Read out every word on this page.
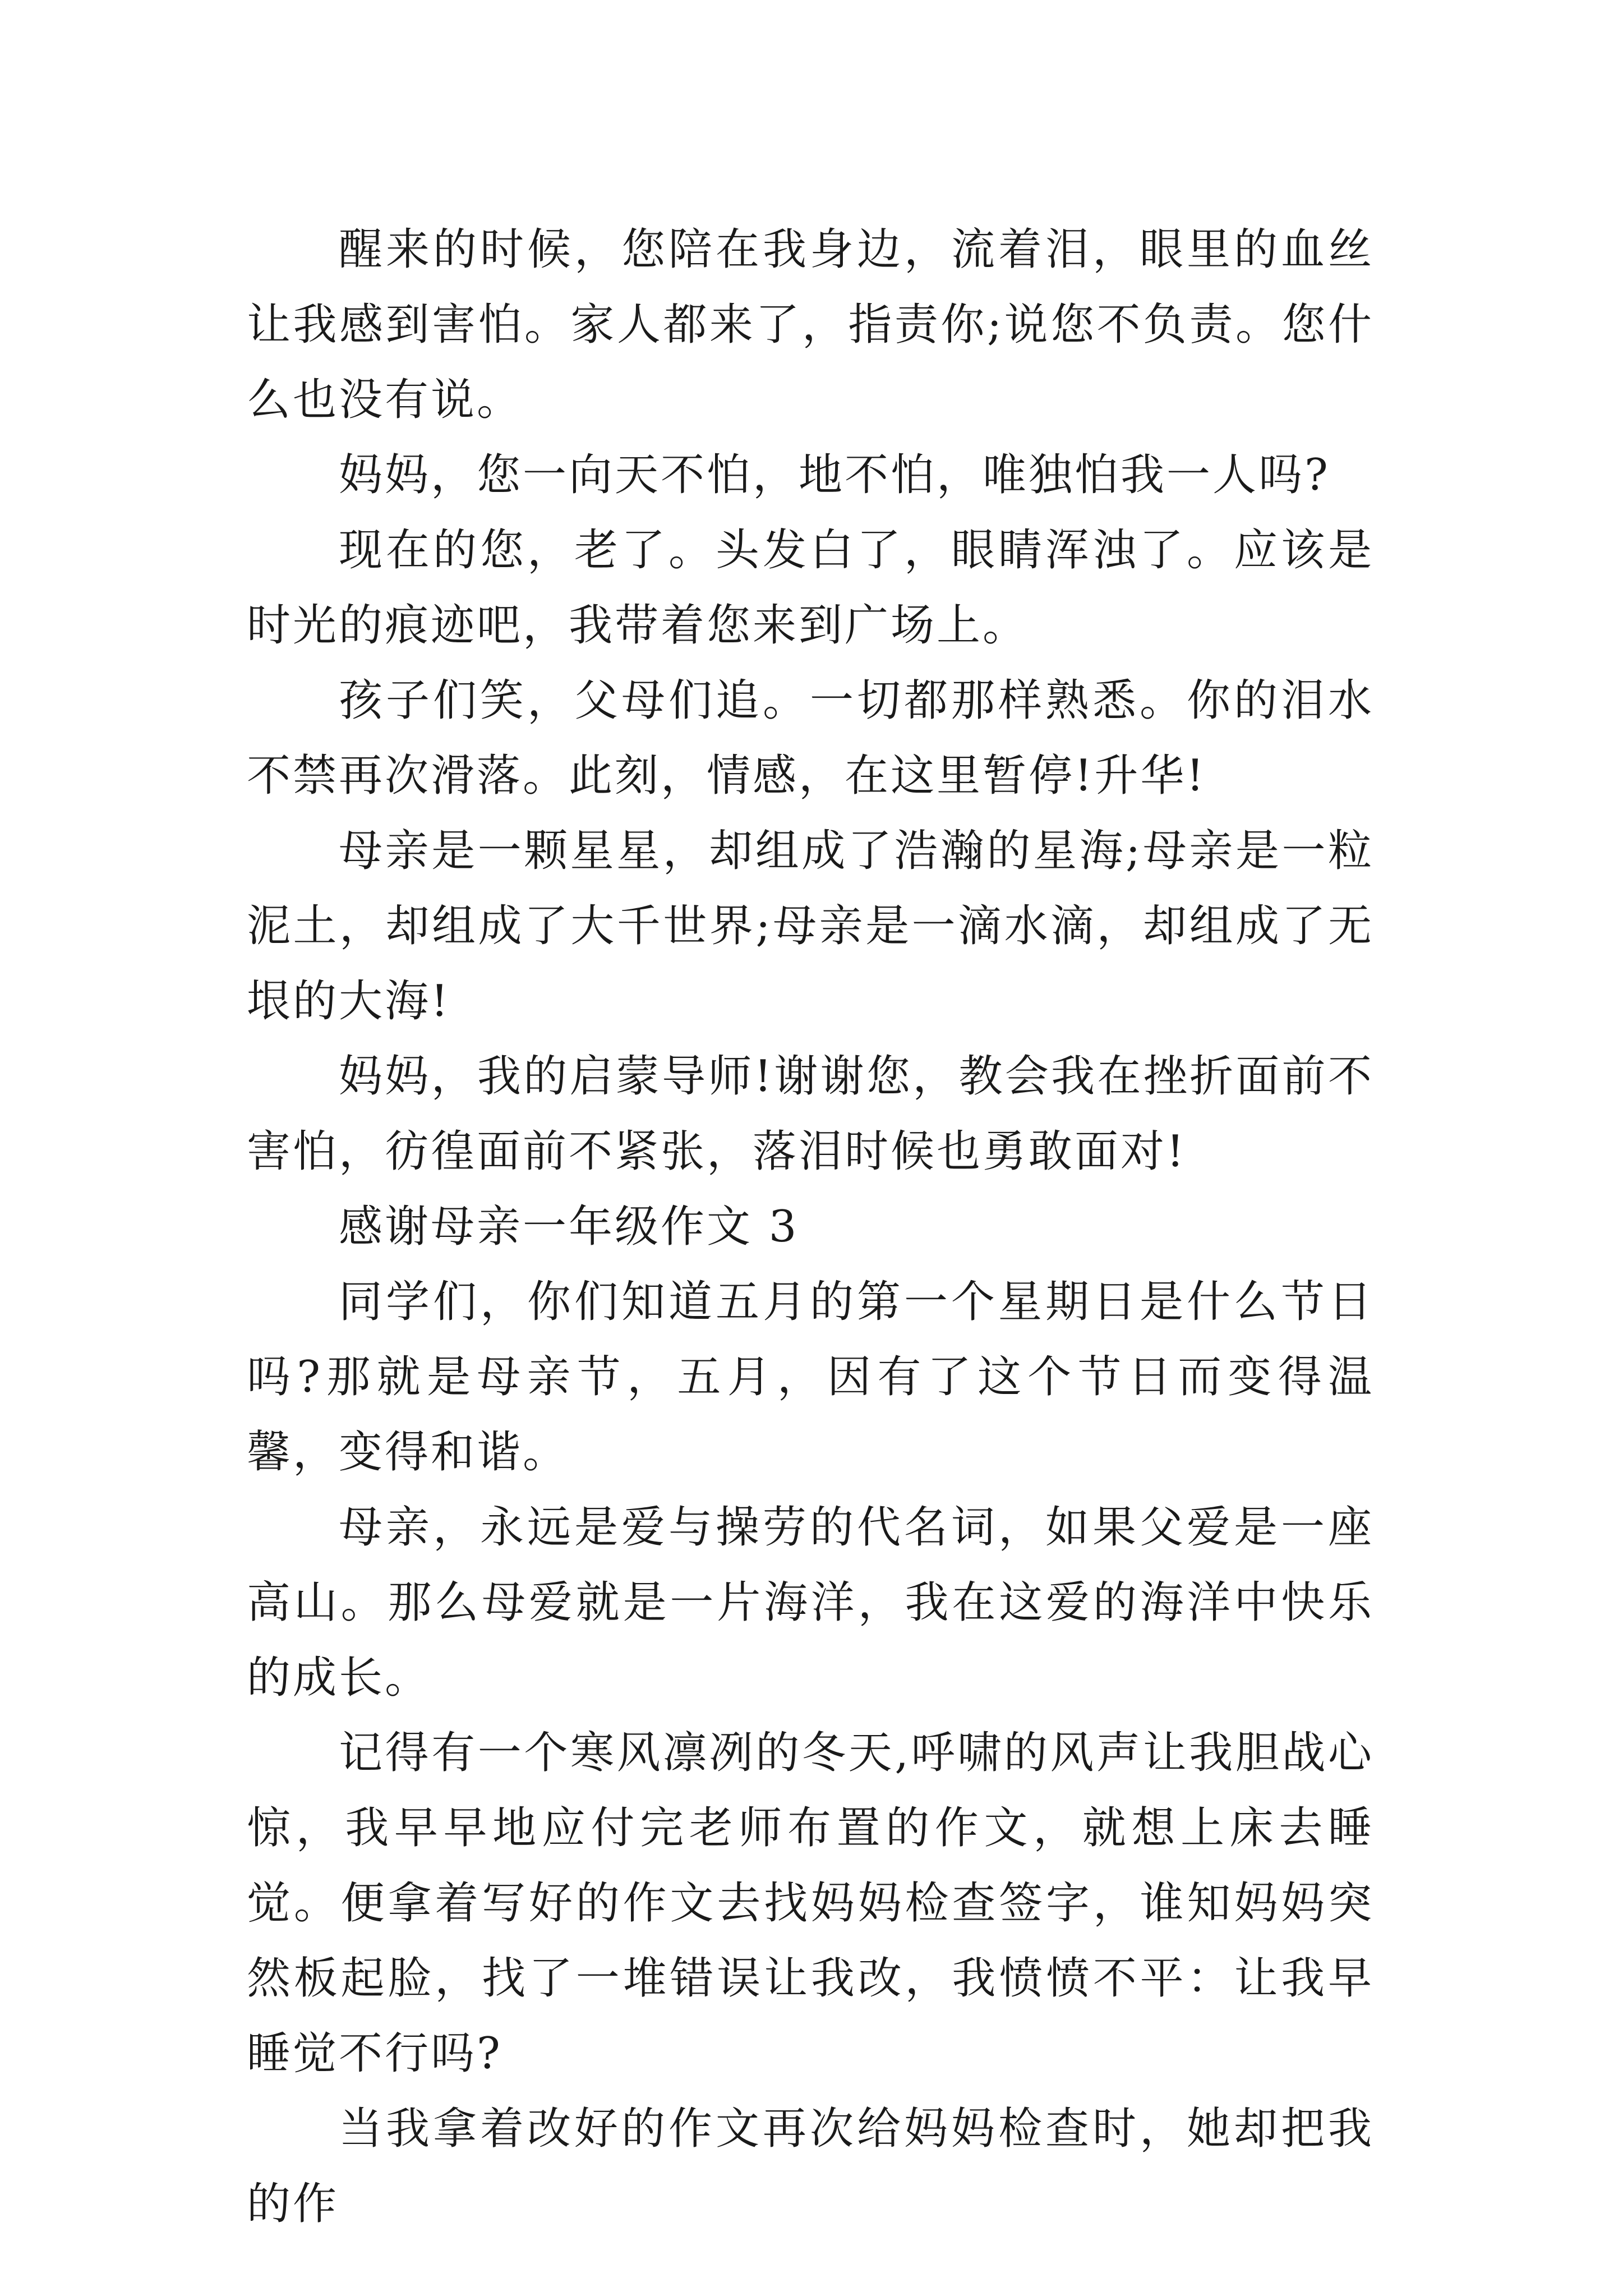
醒来的时候，您陪在我身边，流着泪，眼里的血丝让我感到害怕。家人都来了，指责你;说您不负责。您什么也没有说。

妈妈，您一向天不怕，地不怕，唯独怕我一人吗?

现在的您，老了。头发白了，眼睛浑浊了。应该是时光的痕迹吧，我带着您来到广场上。

孩子们笑，父母们追。一切都那样熟悉。你的泪水不禁再次滑落。此刻，情感，在这里暂停!升华!

母亲是一颗星星，却组成了浩瀚的星海;母亲是一粒泥土，却组成了大千世界;母亲是一滴水滴，却组成了无垠的大海!

妈妈，我的启蒙导师!谢谢您，教会我在挫折面前不害怕，彷徨面前不紧张，落泪时候也勇敢面对!

感谢母亲一年级作文 3

同学们，你们知道五月的第一个星期日是什么节日吗?那就是母亲节，五月，因有了这个节日而变得温馨，变得和谐。

母亲，永远是爱与操劳的代名词，如果父爱是一座高山。那么母爱就是一片海洋，我在这爱的海洋中快乐的成长。

记得有一个寒风凛冽的冬天,呼啸的风声让我胆战心惊，我早早地应付完老师布置的作文，就想上床去睡觉。便拿着写好的作文去找妈妈检查签字，谁知妈妈突然板起脸，找了一堆错误让我改，我愤愤不平：让我早睡觉不行吗?

当我拿着改好的作文再次给妈妈检查时，她却把我的作
